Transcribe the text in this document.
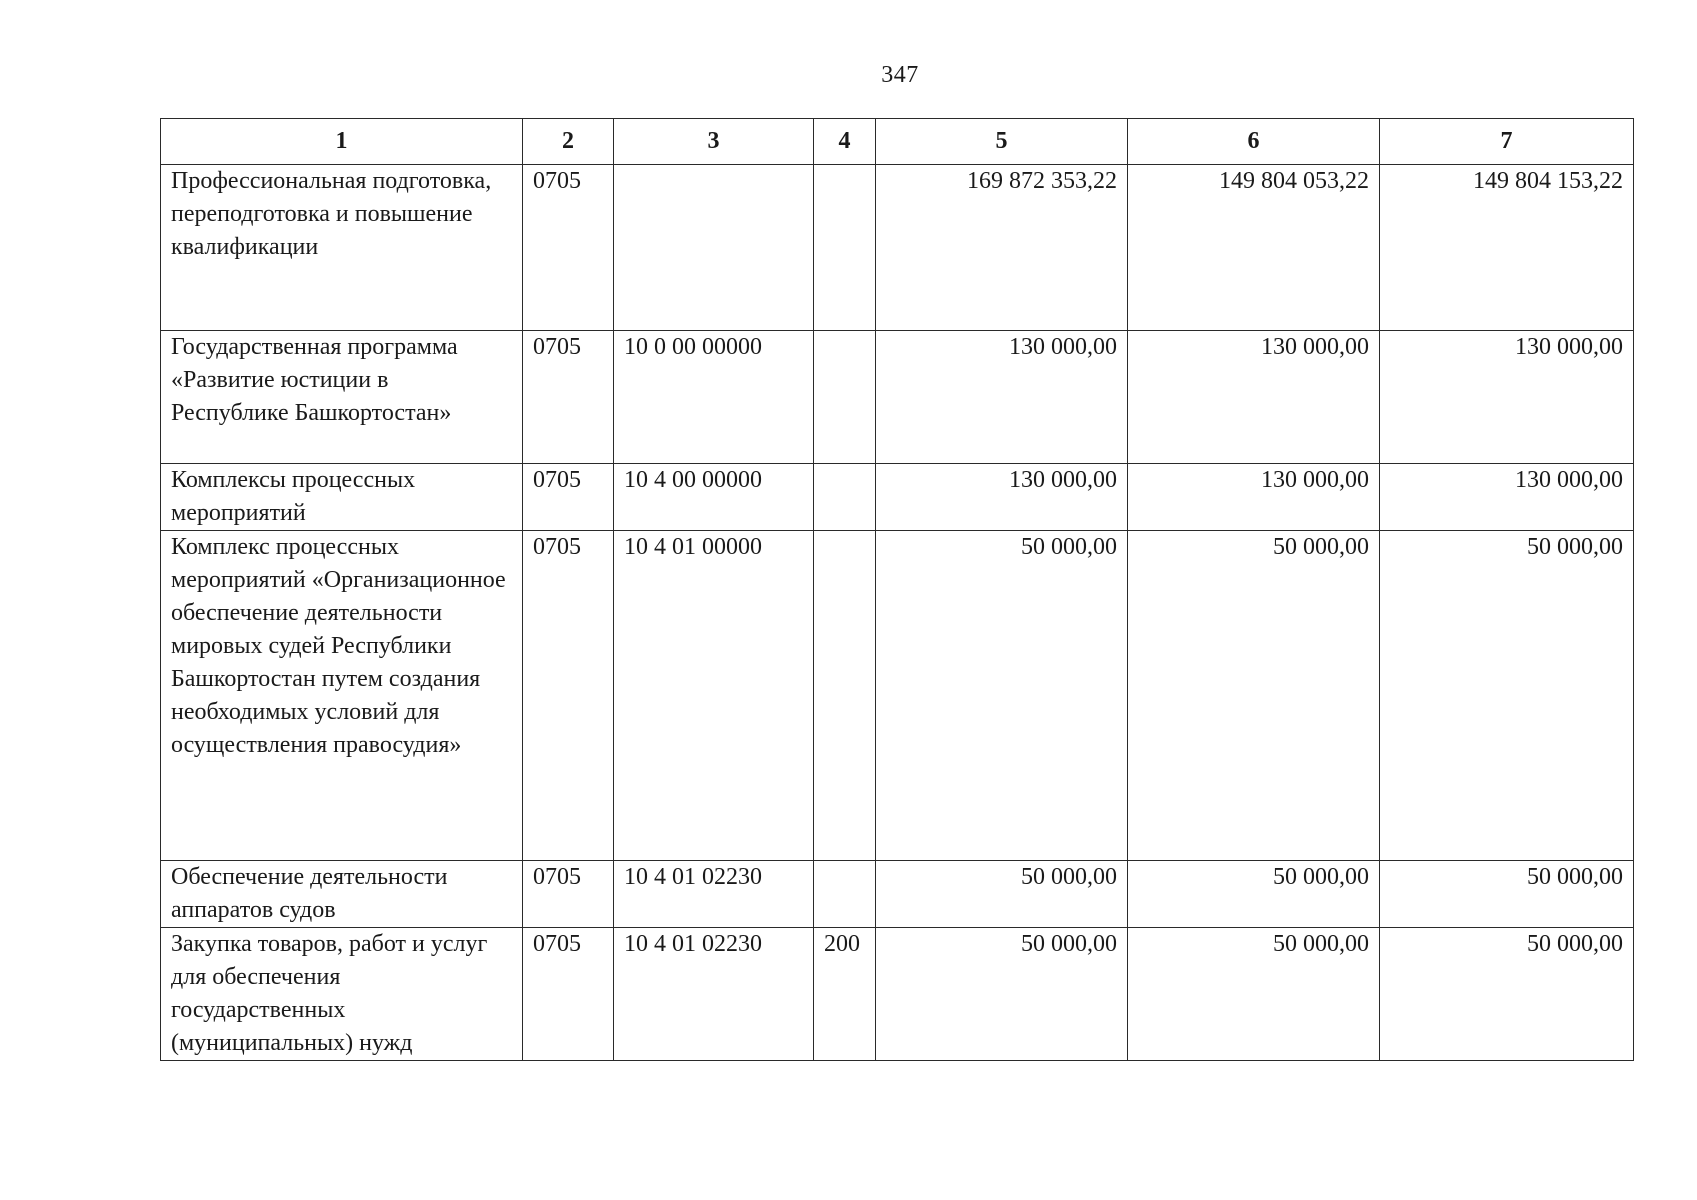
347
1	2	3	4	5	6	7
Профессиональная подготовка, переподготовка и повышение квалификации	0705			169 872 353,22	149 804 053,22	149 804 153,22
Государственная программа «Развитие юстиции в Республике Башкортостан»	0705	10 0 00 00000		130 000,00	130 000,00	130 000,00
Комплексы процессных мероприятий	0705	10 4 00 00000		130 000,00	130 000,00	130 000,00
Комплекс процессных мероприятий «Организационное обеспечение деятельности мировых судей Республики Башкортостан путем создания необходимых условий для осуществления правосудия»	0705	10 4 01 00000		50 000,00	50 000,00	50 000,00
Обеспечение деятельности аппаратов судов	0705	10 4 01 02230		50 000,00	50 000,00	50 000,00
Закупка товаров, работ и услуг для обеспечения государственных (муниципальных) нужд	0705	10 4 01 02230	200	50 000,00	50 000,00	50 000,00
